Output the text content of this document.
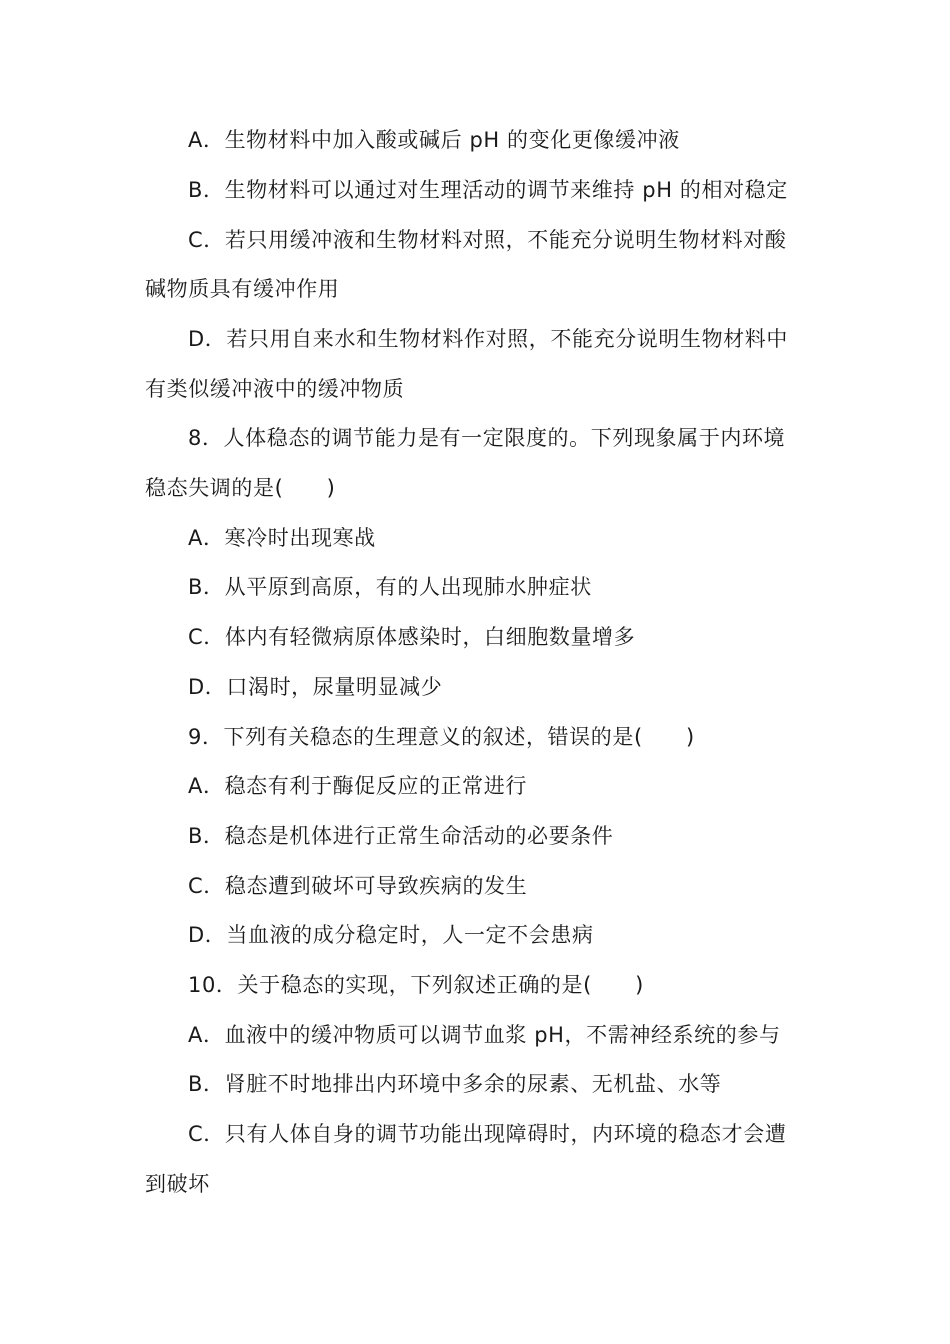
A．生物材料中加入酸或碱后 pH 的变化更像缓冲液
B．生物材料可以通过对生理活动的调节来维持 pH 的相对稳定
C．若只用缓冲液和生物材料对照，不能充分说明生物材料对酸
碱物质具有缓冲作用
D．若只用自来水和生物材料作对照，不能充分说明生物材料中
有类似缓冲液中的缓冲物质
8．人体稳态的调节能力是有一定限度的。下列现象属于内环境
稳态失调的是(　　)
A．寒冷时出现寒战
B．从平原到高原，有的人出现肺水肿症状
C．体内有轻微病原体感染时，白细胞数量增多
D．口渴时，尿量明显减少
9．下列有关稳态的生理意义的叙述，错误的是(　　)
A．稳态有利于酶促反应的正常进行
B．稳态是机体进行正常生命活动的必要条件
C．稳态遭到破坏可导致疾病的发生
D．当血液的成分稳定时，人一定不会患病
10．关于稳态的实现，下列叙述正确的是(　　)
A．血液中的缓冲物质可以调节血浆 pH，不需神经系统的参与
B．肾脏不时地排出内环境中多余的尿素、无机盐、水等
C．只有人体自身的调节功能出现障碍时，内环境的稳态才会遭
到破坏
